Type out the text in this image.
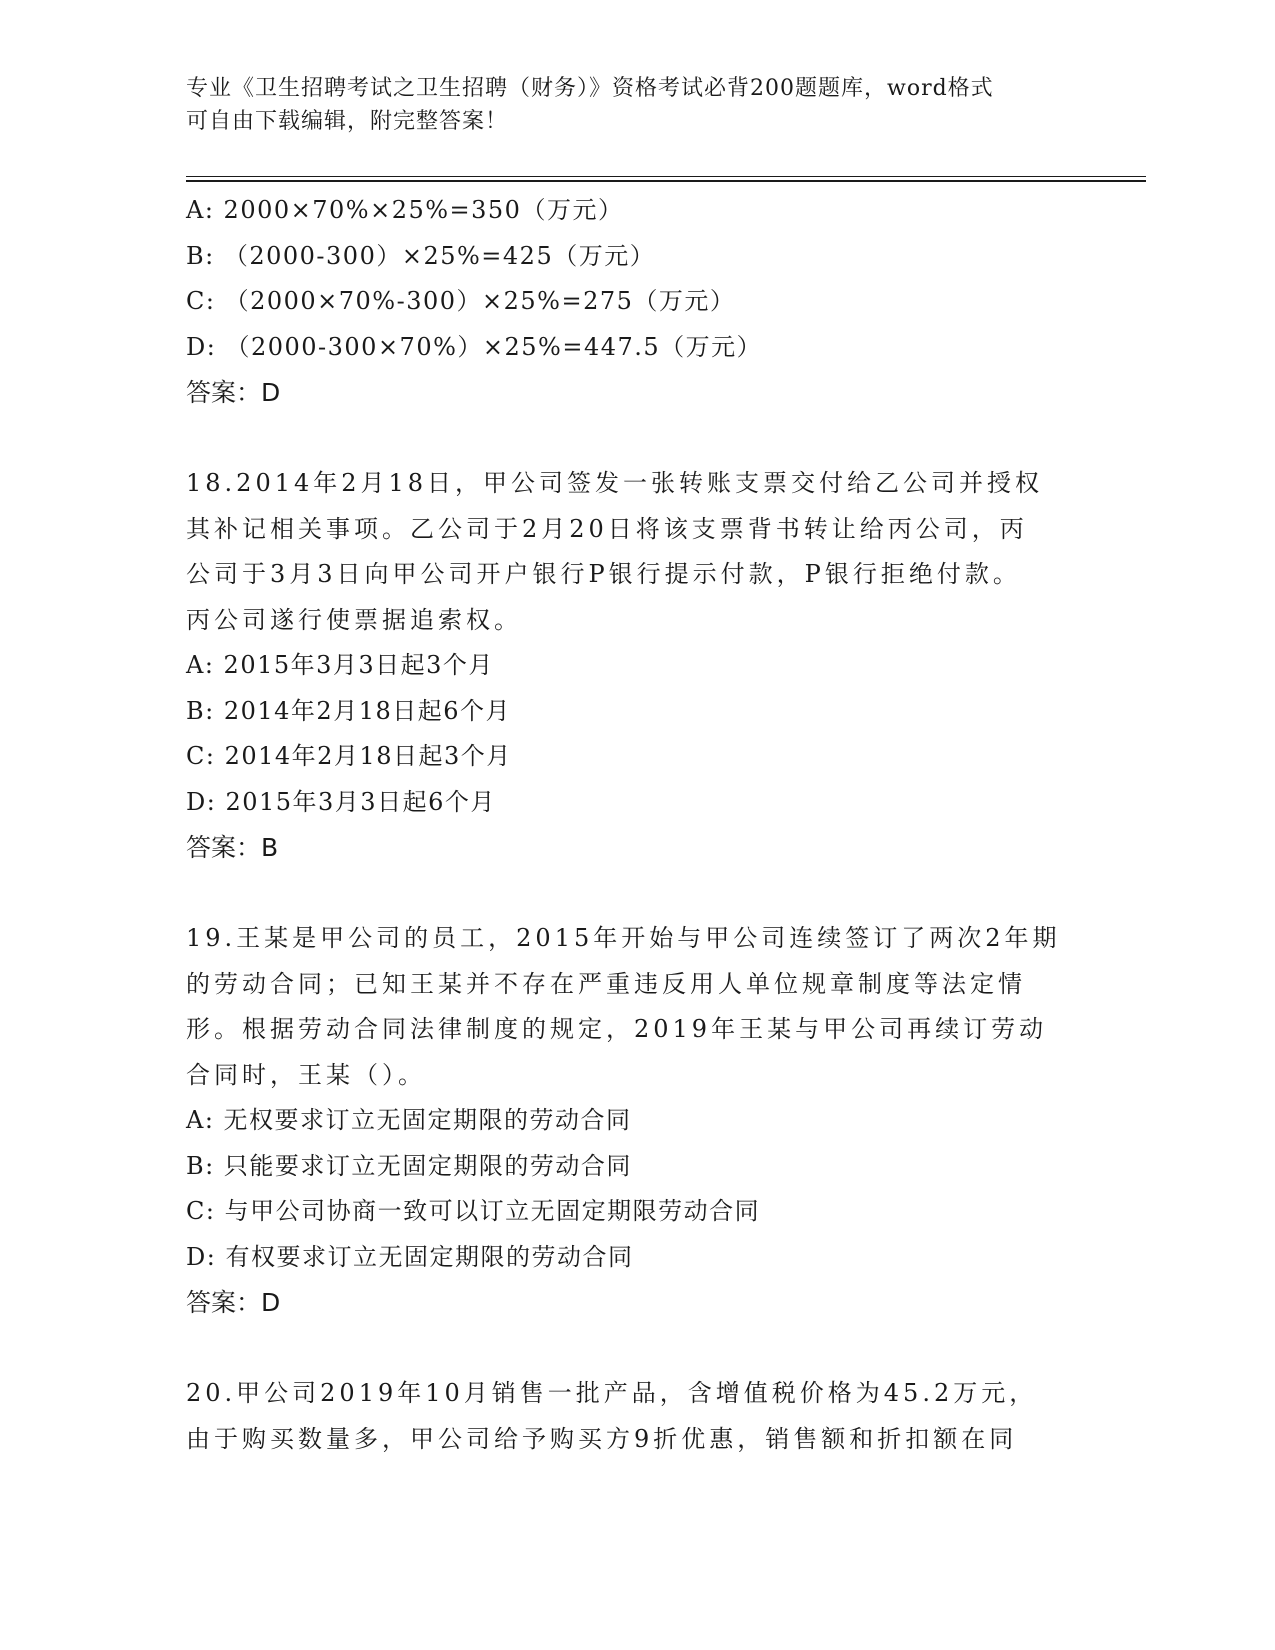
专业《卫生招聘考试之卫生招聘（财务）》资格考试必背200题题库，word格式
可自由下载编辑，附完整答案！
A: 2000×70%×25%=350（万元）
B: （2000-300）×25%=425（万元）
C: （2000×70%-300）×25%=275（万元）
D: （2000-300×70%）×25%=447.5（万元）
答案：D
18.2014年2月18日，甲公司签发一张转账支票交付给乙公司并授权
其补记相关事项。乙公司于2月20日将该支票背书转让给丙公司，丙
公司于3月3日向甲公司开户银行P银行提示付款，P银行拒绝付款。
丙公司遂行使票据追索权。
A: 2015年3月3日起3个月
B: 2014年2月18日起6个月
C: 2014年2月18日起3个月
D: 2015年3月3日起6个月
答案：B
19.王某是甲公司的员工，2015年开始与甲公司连续签订了两次2年期
的劳动合同；已知王某并不存在严重违反用人单位规章制度等法定情
形。根据劳动合同法律制度的规定，2019年王某与甲公司再续订劳动
合同时，王某（）。
A: 无权要求订立无固定期限的劳动合同
B: 只能要求订立无固定期限的劳动合同
C: 与甲公司协商一致可以订立无固定期限劳动合同
D: 有权要求订立无固定期限的劳动合同
答案：D
20.甲公司2019年10月销售一批产品，含增值税价格为45.2万元，
由于购买数量多，甲公司给予购买方9折优惠，销售额和折扣额在同
